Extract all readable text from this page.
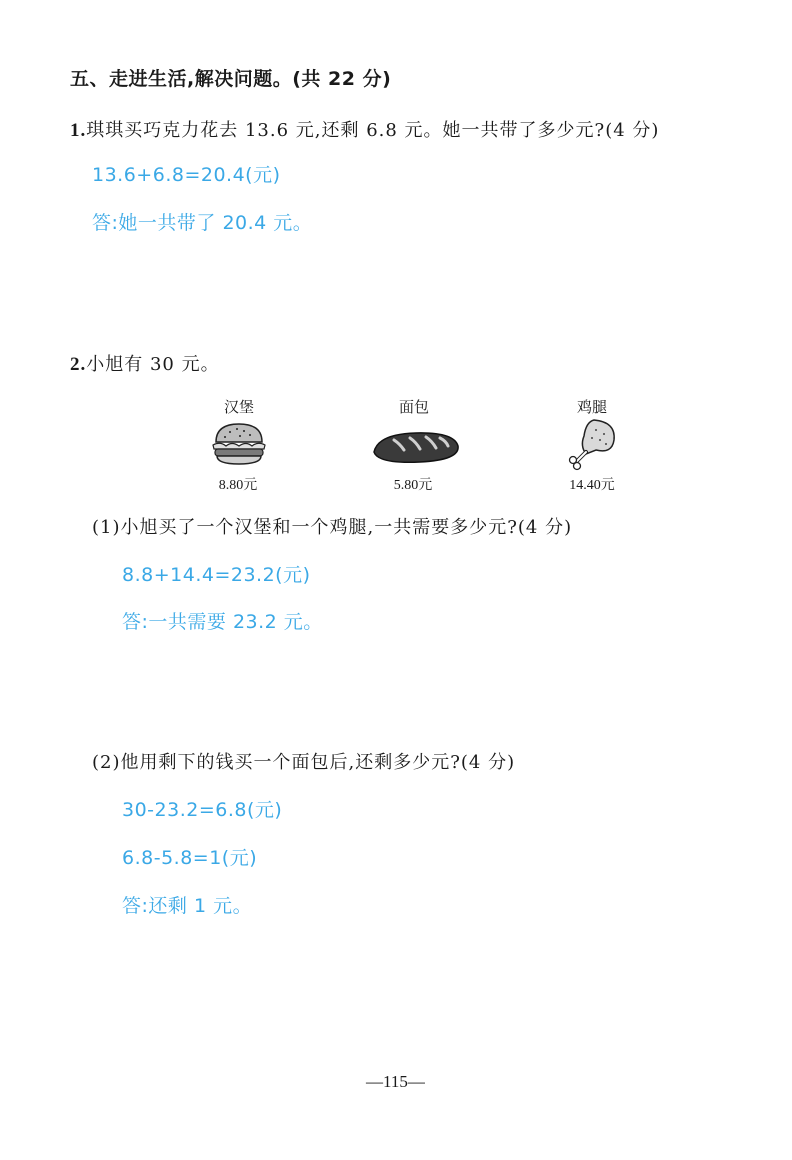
五、走进生活,解决问题。(共 22 分)
1.琪琪买巧克力花去 13.6 元,还剩 6.8 元。她一共带了多少元?(4 分)
13.6+6.8=20.4(元)
答:她一共带了 20.4 元。
2.小旭有 30 元。
汉堡	面包	鸡腿
8.80元	5.80元	14.40元
(1)小旭买了一个汉堡和一个鸡腿,一共需要多少元?(4 分)
8.8+14.4=23.2(元)
答:一共需要 23.2 元。
(2)他用剩下的钱买一个面包后,还剩多少元?(4 分)
30-23.2=6.8(元)
6.8-5.8=1(元)
答:还剩 1 元。
—115—
